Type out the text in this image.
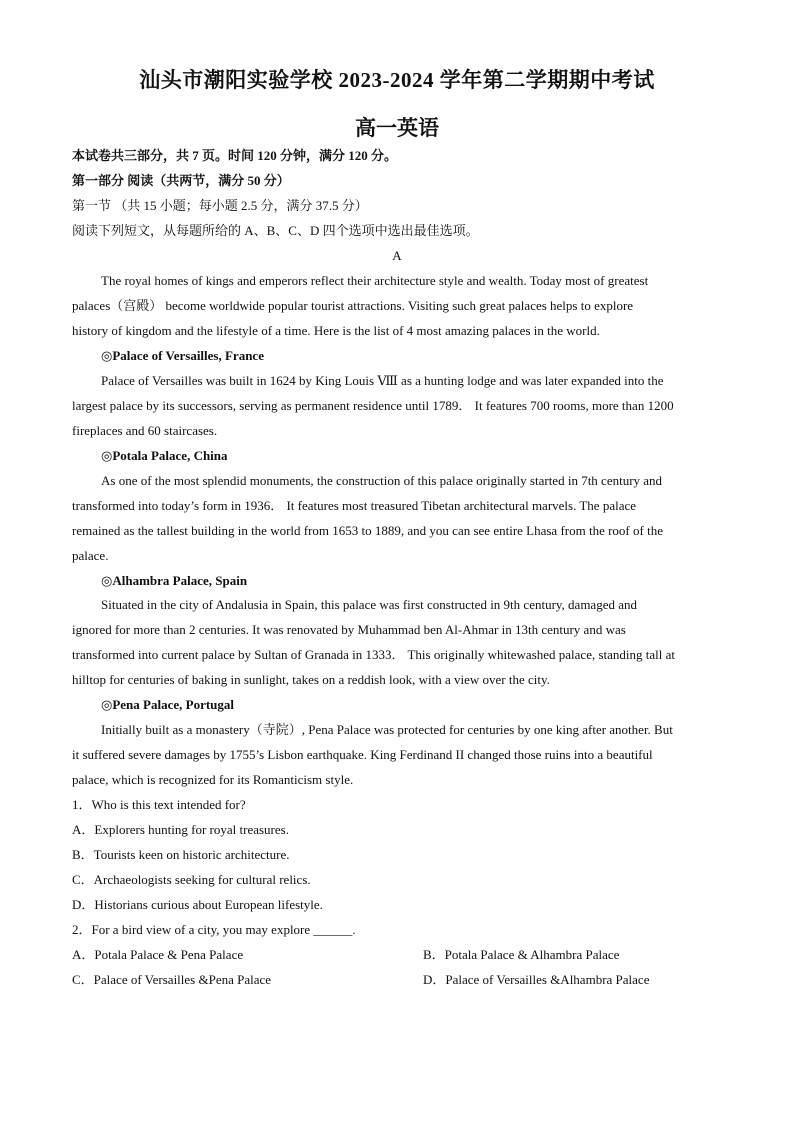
汕头市潮阳实验学校 2023-2024 学年第二学期期中考试
高一英语
本试卷共三部分，共 7 页。时间 120 分钟，满分 120 分。
第一部分 阅读（共两节，满分 50 分）
第一节 （共 15 小题；每小题 2.5 分，满分 37.5 分）
阅读下列短文，从每题所给的 A、B、C、D 四个选项中选出最佳选项。
A
The royal homes of kings and emperors reflect their architecture style and wealth. Today most of greatest
palaces（宫殿） become worldwide popular tourist attractions. Visiting such great palaces helps to explore
history of kingdom and the lifestyle of a time. Here is the list of 4 most amazing palaces in the world.
◎Palace of Versailles, France
Palace of Versailles was built in 1624 by King Louis Ⅷ as a hunting lodge and was later expanded into the
largest palace by its successors, serving as permanent residence until 1789． It features 700 rooms, more than 1200
fireplaces and 60 staircases.
◎Potala Palace, China
As one of the most splendid monuments, the construction of this palace originally started in 7th century and
transformed into today’s form in 1936． It features most treasured Tibetan architectural marvels. The palace
remained as the tallest building in the world from 1653 to 1889, and you can see entire Lhasa from the roof of the
palace.
◎Alhambra Palace, Spain
Situated in the city of Andalusia in Spain, this palace was first constructed in 9th century, damaged and
ignored for more than 2 centuries. It was renovated by Muhammad ben Al-Ahmar in 13th century and was
transformed into current palace by Sultan of Granada in 1333． This originally whitewashed palace, standing tall at
hilltop for centuries of baking in sunlight, takes on a reddish look, with a view over the city.
◎Pena Palace, Portugal
Initially built as a monastery（寺院）, Pena Palace was protected for centuries by one king after another. But
it suffered severe damages by 1755’s Lisbon earthquake. King Ferdinand II changed those ruins into a beautiful
palace, which is recognized for its Romanticism style.
1．Who is this text intended for?
A．Explorers hunting for royal treasures.
B．Tourists keen on historic architecture.
C．Archaeologists seeking for cultural relics.
D．Historians curious about European lifestyle.
2．For a bird view of a city, you may explore ______.
A．Potala Palace & Pena Palace	B．Potala Palace & Alhambra Palace
C．Palace of Versailles &Pena Palace	D．Palace of Versailles &Alhambra Palace
